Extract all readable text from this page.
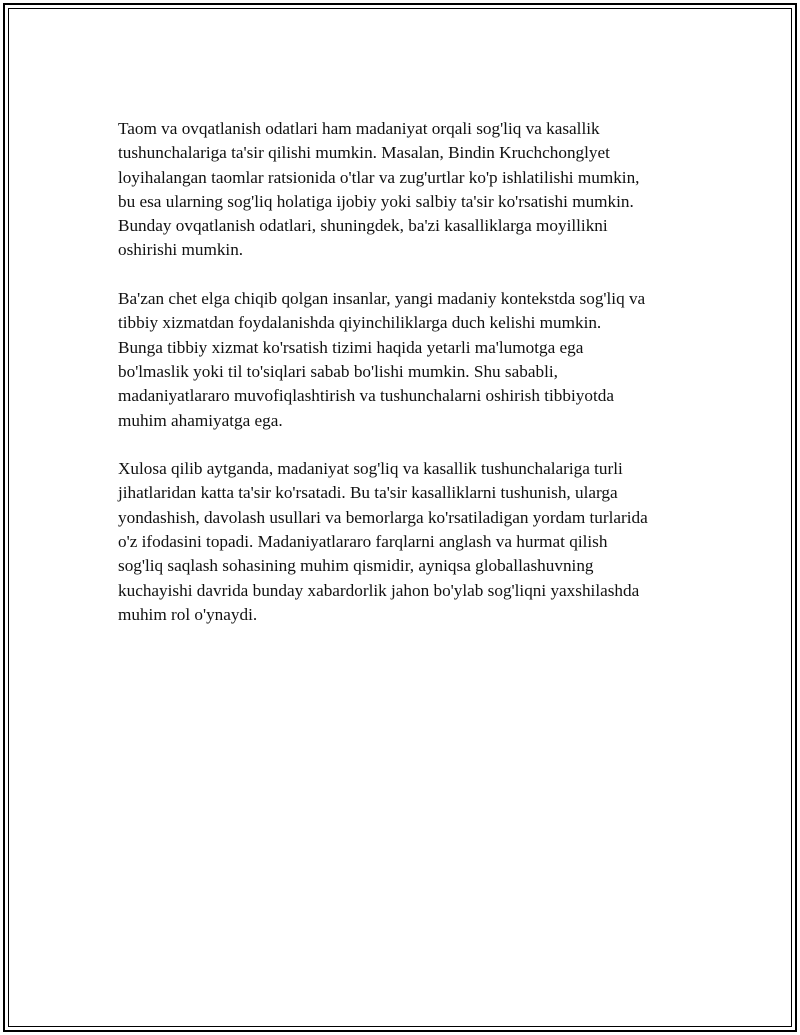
Taom va ovqatlanish odatlari ham madaniyat orqali sog'liq va kasallik
tushunchalariga ta'sir qilishi mumkin. Masalan, Bindin Kruchchonglyet
loyihalangan taomlar ratsionida o'tlar va zug'urtlar ko'p ishlatilishi mumkin,
bu esa ularning sog'liq holatiga ijobiy yoki salbiy ta'sir ko'rsatishi mumkin.
Bunday ovqatlanish odatlari, shuningdek, ba'zi kasalliklarga moyillikni
oshirishi mumkin.

Ba'zan chet elga chiqib qolgan insanlar, yangi madaniy kontekstda sog'liq va
tibbiy xizmatdan foydalanishda qiyinchiliklarga duch kelishi mumkin.
Bunga tibbiy xizmat ko'rsatish tizimi haqida yetarli ma'lumotga ega
bo'lmaslik yoki til to'siqlari sabab bo'lishi mumkin. Shu sababli,
madaniyatlararo muvofiqlashtirish va tushunchalarni oshirish tibbiyotda
muhim ahamiyatga ega.

Xulosa qilib aytganda, madaniyat sog'liq va kasallik tushunchalariga turli
jihatlaridan katta ta'sir ko'rsatadi. Bu ta'sir kasalliklarni tushunish, ularga
yondashish, davolash usullari va bemorlarga ko'rsatiladigan yordam turlarida
o'z ifodasini topadi. Madaniyatlararo farqlarni anglash va hurmat qilish
sog'liq saqlash sohasining muhim qismidir, ayniqsa globallashuvning
kuchayishi davrida bunday xabardorlik jahon bo'ylab sog'liqni yaxshilashda
muhim rol o'ynaydi.
